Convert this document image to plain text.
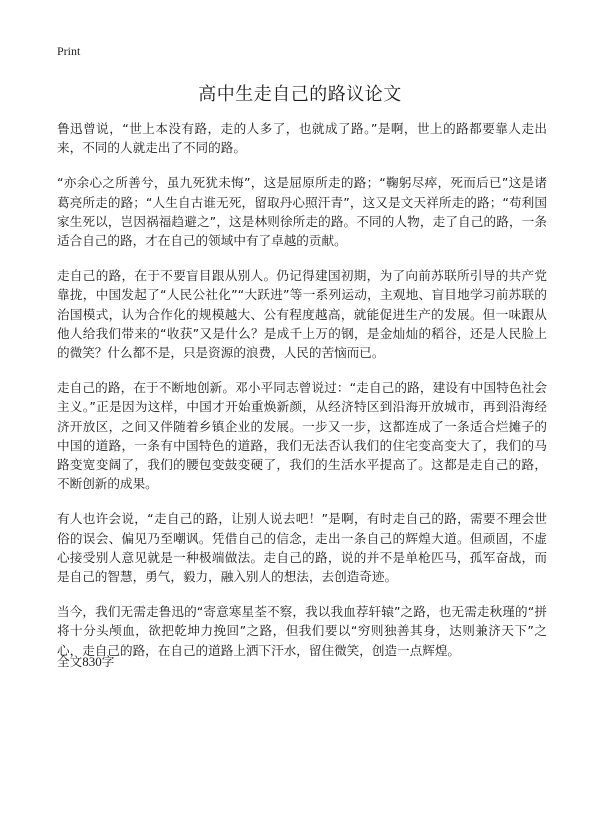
Print
高中生走自己的路议论文

鲁迅曾说，“世上本没有路，走的人多了，也就成了路。”是啊，世上的路都要靠人走出来，不同的人就走出了不同的路。

“亦余心之所善兮，虽九死犹未悔”，这是屈原所走的路；“鞠躬尽瘁，死而后已”这是诸葛亮所走的路；“人生自古谁无死，留取丹心照汗青”，这又是文天祥所走的路；“苟利国家生死以，岂因祸福趋避之”，这是林则徐所走的路。不同的人物，走了自己的路，一条适合自己的路，才在自己的领域中有了卓越的贡献。

走自己的路，在于不要盲目跟从别人。仍记得建国初期，为了向前苏联所引导的共产党靠拢，中国发起了“人民公社化”“大跃进”等一系列运动，主观地、盲目地学习前苏联的治国模式，认为合作化的规模越大、公有程度越高，就能促进生产的发展。但一味跟从他人给我们带来的“收获”又是什么？是成千上万的钢，是金灿灿的稻谷，还是人民脸上的微笑？什么都不是，只是资源的浪费，人民的苦恼而已。

走自己的路，在于不断地创新。邓小平同志曾说过：“走自己的路，建设有中国特色社会主义。”正是因为这样，中国才开始重焕新颜，从经济特区到沿海开放城市，再到沿海经济开放区，之间又伴随着乡镇企业的发展。一步又一步，这都连成了一条适合烂摊子的中国的道路，一条有中国特色的道路，我们无法否认我们的住宅变高变大了，我们的马路变宽变阔了，我们的腰包变鼓变硬了，我们的生活水平提高了。这都是走自己的路，不断创新的成果。

有人也许会说，“走自己的路，让别人说去吧！”是啊，有时走自己的路，需要不理会世俗的误会、偏见乃至嘲讽。凭借自己的信念，走出一条自己的辉煌大道。但顽固，不虚心接受别人意见就是一种极端做法。走自己的路，说的并不是单枪匹马，孤军奋战，而是自己的智慧，勇气，毅力，融入别人的想法，去创造奇迹。

当今，我们无需走鲁迅的“寄意寒星荃不察，我以我血荐轩辕”之路，也无需走秋瑾的“拼将十分头颅血，欲把乾坤力挽回”之路，但我们要以“穷则独善其身，达则兼济天下”之心，走自己的路，在自己的道路上洒下汗水，留住微笑，创造一点辉煌。

全文830字
